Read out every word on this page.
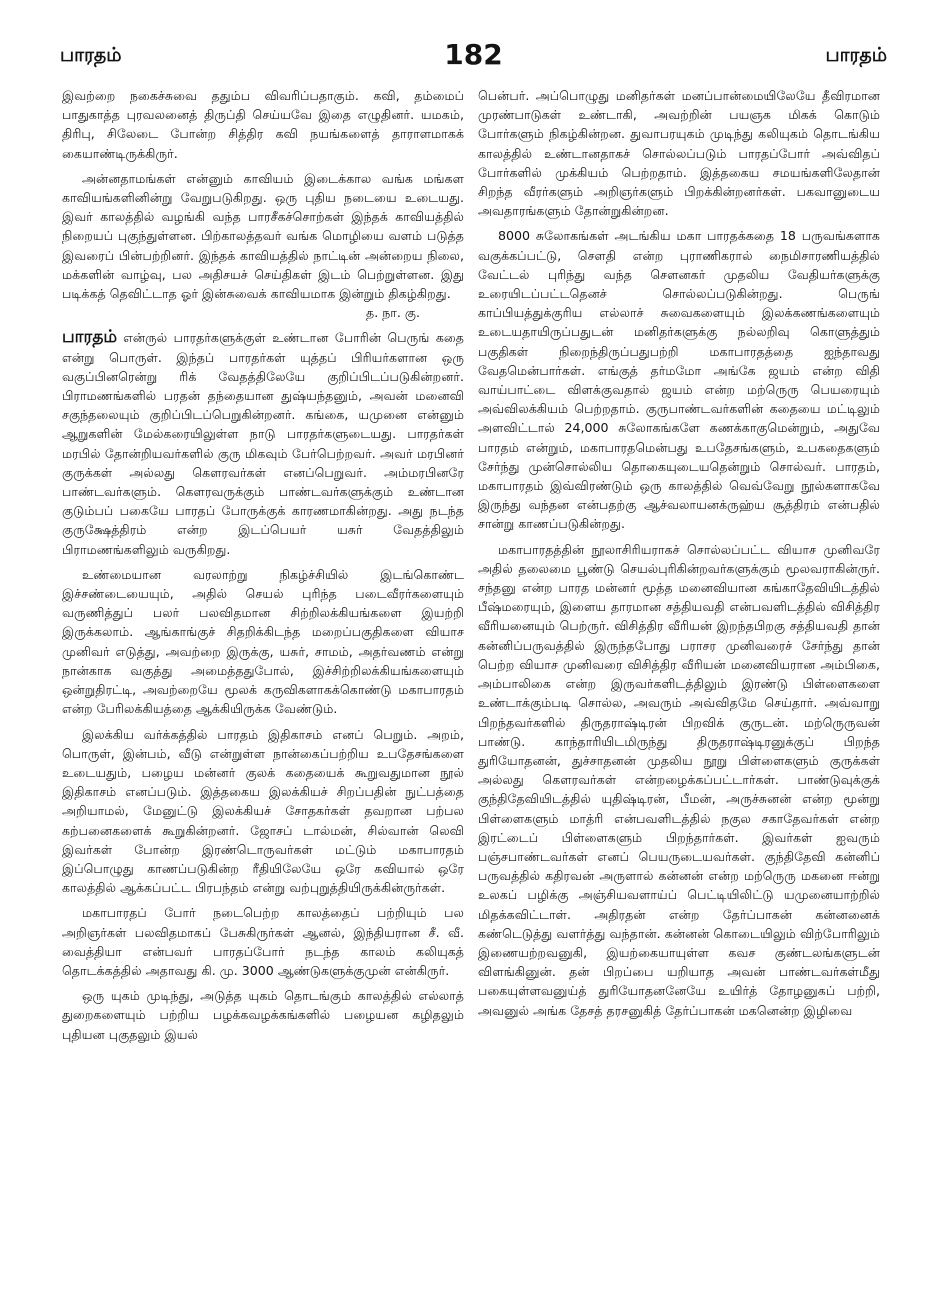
பாரதம்	182	பாரதம்

இவற்றை நகைச்சுவை ததும்ப விவரிப்பதாகும். கவி, தம்மைப் பாதுகாத்த புரவலனைத் திருப்தி செய்யவே இதை எழுதினர். யமகம், திரிபு, சிலேடை போன்ற சித்திர கவி நயங்களைத் தாராளமாகக் கையாண்டிருக்கிருர்.

அன்னதாமங்கள் என்னும் காவியம் இடைக்கால வங்க மங்கள காவியங்களினின்று வேறுபடுகிறது. ஒரு புதிய நடையை உடையது. இவர் காலத்தில் வழங்கி வந்த பாரசீகச்சொற்கள் இந்தக் காவியத்தில் நிறையப் புகுந்துள்ளன. பிற்காலத்தவர் வங்க மொழியை வளம் படுத்த இவரைப் பின்பற்றினர். இந்தக் காவியத்தில் நாட்டின் அன்றைய நிலை, மக்களின் வாழ்வு, பல அதிசயச் செய்திகள் இடம் பெற்றுள்ளன. இது படிக்கத் தெவிட்டாத ஓர் இன்சுவைக் காவியமாக இன்றும் திகழ்கிறது.
த. நா. கு.

பாரதம் என்ருல் பாரதர்களுக்குள் உண்டான போரின் பெருங் கதை என்று பொருள். இந்தப் பாரதர்கள் யுத்தப் பிரியர்களான ஒரு வகுப்பினரென்று ரிக் வேதத்திலேயே குறிப்பிடப்படுகின்றனர். பிராமணங்களில் பரதன் தந்தையான துஷ்யந்தனும், அவன் மனைவி சகுந்தலையும் குறிப்பிடப்பெறுகின்றனர். கங்கை, யமுனை என்னும் ஆறுகளின் மேல்கரையிலுள்ள நாடு பாரதர்களுடையது. பாரதர்கள் மரபில் தோன்றியவர்களில் குரு மிகவும் பேர்பெற்றவர். அவர் மரபினர் குருக்கள் அல்லது கௌரவர்கள் எனப்பெறுவர். அம்மரபினரே பாண்டவர்களும். கௌரவருக்கும் பாண்டவர்களுக்கும் உண்டான குடும்பப் பகையே பாரதப் போருக்குக் காரணமாகின்றது. அது நடந்த குருக்ஷேத்திரம் என்ற இடப்பெயர் யசுர் வேதத்திலும் பிராமணங்களிலும் வருகிறது.

உண்மையான வரலாற்று நிகழ்ச்சியில் இடங்கொண்ட இச்சண்டையையும், அதில் செயல் புரிந்த படைவீரர்களையும் வருணித்துப் பலர் பலவிதமான சிற்றிலக்கியங்களை இயற்றி இருக்கலாம். ஆங்காங்குச் சிதறிக்கிடந்த மறைப்பகுதிகளை வியாச முனிவர் எடுத்து, அவற்றை இருக்கு, யசுர், சாமம், அதர்வணம் என்று நான்காக வகுத்து அமைத்ததுபோல், இச்சிற்றிலக்கியங்களையும் ஒன்றுதிரட்டி, அவற்றையே மூலக் கருவிகளாகக்கொண்டு மகாபாரதம் என்ற பேரிலக்கியத்தை ஆக்கியிருக்க வேண்டும்.

இலக்கிய வர்க்கத்தில் பாரதம் இதிகாசம் எனப் பெறும். அறம், பொருள், இன்பம், வீடு என்றுள்ள நான்கைப்பற்றிய உபதேசங்களை உடையதும், பழைய மன்னர் குலக் கதையைக் கூறுவதுமான நூல் இதிகாசம் எனப்படும். இத்தகைய இலக்கியச் சிறப்பதின் நுட்பத்தை அறியாமல், மேனுட்டு இலக்கியச் சோதகர்கள் தவறான பற்பல கற்பனைகளைக் கூறுகின்றனர். ஜோசப் டால்மன், சில்வான் லெவி இவர்கள் போன்ற இரண்டொருவர்கள் மட்டும் மகாபாரதம் இப்பொழுது காணப்படுகின்ற ரீதியிலேயே ஒரே கவியால் ஒரே காலத்தில் ஆக்கப்பட்ட பிரபந்தம் என்று வற்புறுத்தியிருக்கின்ருர்கள்.

மகாபாரதப் போர் நடைபெற்ற காலத்தைப் பற்றியும் பல அறிஞர்கள் பலவிதமாகப் பேசுகிருர்கள் ஆனல், இந்தியரான சீ. வீ. வைத்தியா என்பவர் பாரதப்போர் நடந்த காலம் கலியுகத் தொடக்கத்தில் அதாவது கி. மு. 3000 ஆண்டுகளுக்குமுன் என்கிருர்.

ஒரு யுகம் முடிந்து, அடுத்த யுகம் தொடங்கும் காலத்தில் எல்லாத் துறைகளையும் பற்றிய பழக்கவழக்கங்களில் பழையன கழிதலும் புதியன புகுதலும் இயல்

பென்பர். அப்பொழுது மனிதர்கள் மனப்பான்மையிலேயே தீவிரமான முரண்பாடுகள் உண்டாகி, அவற்றின் பயஞக மிகக் கொடும் போர்களும் நிகழ்கின்றன. துவாபரயுகம் முடிந்து கலியுகம் தொடங்கிய காலத்தில் உண்டானதாகச் சொல்லப்படும் பாரதப்போர் அவ்விதப் போர்களில் முக்கியம் பெற்றதாம். இத்தகைய சமயங்களிலேதான் சிறந்த வீரர்களும் அறிஞர்களும் பிறக்கின்றனர்கள். பகவானுடைய அவதாரங்களும் தோன்றுகின்றன.

8000 சுலோகங்கள் அடங்கிய மகா பாரதக்கதை 18 பருவங்களாக வகுக்கப்பட்டு, சௌதி என்ற புராணிகரால் நைமிசாரணியத்தில் வேட்டல் புரிந்து வந்த சௌனகர் முதலிய வேதியர்களுக்கு உரையிடப்பட்டதெனச் சொல்லப்படுகின்றது. பெருங் காப்பியத்துக்குரிய எல்லாச் சுவைகளையும் இலக்கணங்களையும் உடையதாயிருப்பதுடன் மனிதர்களுக்கு நல்லறிவு கொளுத்தும் பகுதிகள் நிறைந்திருப்பதுபற்றி மகாபாரதத்தை ஐந்தாவது வேதமென்பார்கள். எங்குத் தர்மமோ அங்கே ஜயம் என்ற விதி வாய்பாட்டை விளக்குவதால் ஜயம் என்ற மற்ருெரு பெயரையும் அவ்விலக்கியம் பெற்றதாம். குருபாண்டவர்களின் கதையை மட்டிலும் அளவிட்டால் 24,000 சுலோகங்களே கணக்காகுமென்றும், அதுவே பாரதம் என்றும், மகாபாரதமென்பது உபதேசங்களும், உபகதைகளும் சேர்ந்து முன்சொல்லிய தொகையுடையதென்றும் சொல்வர். பாரதம், மகாபாரதம் இவ்விரண்டும் ஒரு காலத்தில் வெவ்வேறு நூல்களாகவே இருந்து வந்தன என்பதற்கு ஆச்வலாயனக்ருஹ்ய சூத்திரம் என்பதில் சான்று காணப்படுகின்றது.

மகாபாரதத்தின் நூலாசிரியராகச் சொல்லப்பட்ட வியாச முனிவரே அதில் தலைமை பூண்டு செயல்புரிகின்றவர்களுக்கும் மூலவராகின்ருர். சந்தனு என்ற பாரத மன்னர் மூத்த மனைவியான கங்காதேவியிடத்தில் பீஷ்மரையும், இளைய தாரமான சத்தியவதி என்பவளிடத்தில் விசித்திர வீரியனையும் பெற்ருர். விசித்திர வீரியன் இறந்தபிறகு சத்தியவதி தான் கன்னிப்பருவத்தில் இருந்தபோது பராசர முனிவரைச் சேர்ந்து தான் பெற்ற வியாச முனிவரை விசித்திர வீரியன் மனைவியரான அம்பிகை, அம்பாலிகை என்ற இருவர்களிடத்திலும் இரண்டு பிள்ளைகளை உண்டாக்கும்படி சொல்ல, அவரும் அவ்விதமே செய்தார். அவ்வாறு பிறந்தவர்களில் திருதராஷ்டிரன் பிறவிக் குருடன். மற்ருெருவன் பாண்டு. காந்தாரியிடமிருந்து திருதராஷ்டிரனுக்குப் பிறந்த துரியோதனன், துச்சாதனன் முதலிய நூறு பிள்ளைகளும் குருக்கள் அல்லது கௌரவர்கள் என்றழைக்கப்பட்டார்கள். பாண்டுவுக்குக் குந்திதேவியிடத்தில் யுதிஷ்டிரன், பீமன், அருச்சுனன் என்ற மூன்று பிள்ளைகளும் மாத்ரி என்பவளிடத்தில் நகுல சகாதேவர்கள் என்ற இரட்டைப் பிள்ளைகளும் பிறந்தார்கள். இவர்கள் ஐவரும் பஞ்சபாண்டவர்கள் எனப் பெயருடையவர்கள். குந்திதேவி கன்னிப் பருவத்தில் கதிரவன் அருளால் கன்னன் என்ற மற்ருெரு மகனை ஈன்று உலகப் பழிக்கு அஞ்சியவளாய்ப் பெட்டியிலிட்டு யமுனையாற்றில் மிதக்கவிட்டாள். அதிரதன் என்ற தேர்ப்பாகன் கன்னனைக் கண்டெடுத்து வளர்த்து வந்தான். கன்னன் கொடையிலும் விற்போரிலும் இணையற்றவனுகி, இயற்கையாயுள்ள கவச குண்டலங்களுடன் விளங்கினுன். தன் பிறப்பை யறியாத அவன் பாண்டவர்கள்மீது பகையுள்ளவனுய்த் துரியோதனனேயே உயிர்த் தோழனுகப் பற்றி, அவனுல் அங்க தேசத் தரசனுகித் தேர்ப்பாகன் மகனென்ற இழிவை
